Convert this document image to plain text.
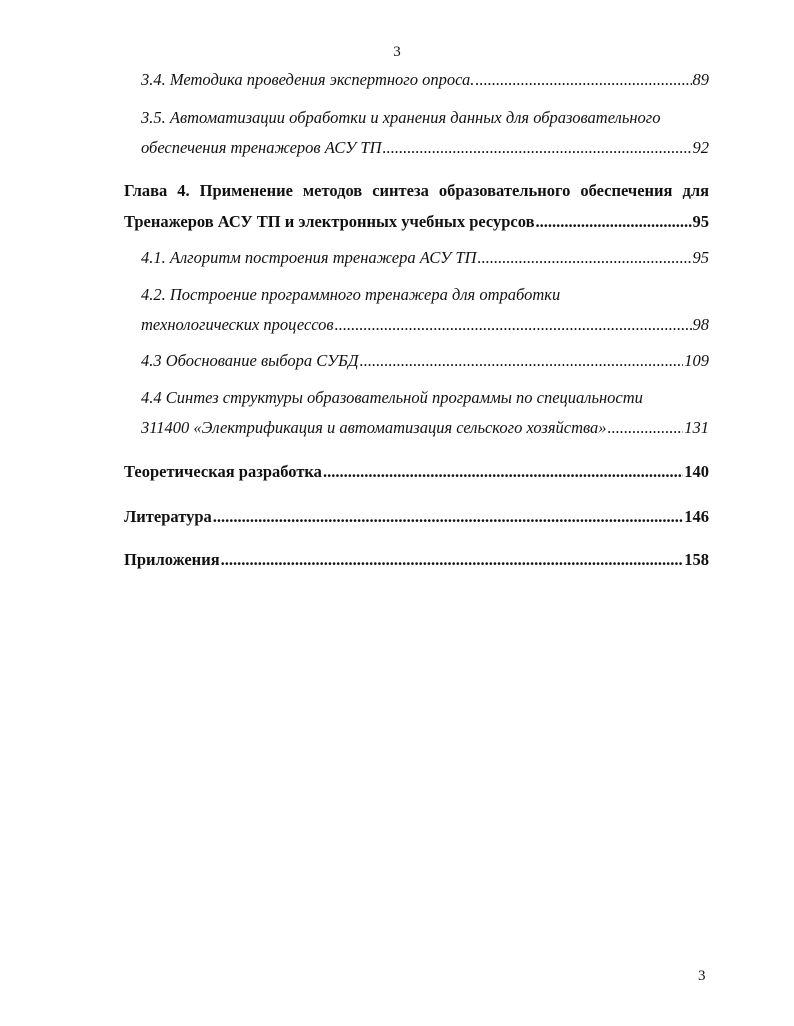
3
3.4. Методика проведения экспертного опроса. .....	89
3.5. Автоматизации обработки и хранения данных для образовательного
обеспечения тренажеров АСУ ТП .....	92
Глава 4. Применение методов синтеза образовательного обеспечения для
Тренажеров АСУ ТП и электронных учебных ресурсов .....	95
4.1. Алгоритм построения тренажера АСУ ТП .....	95
4.2. Построение программного тренажера для отработки
технологических процессов .....	98
4.3 Обоснование выбора СУБД .....	109
4.4 Синтез структуры образовательной программы по специальности
311400 «Электрификация и автоматизация сельского хозяйства» .....	131
Теоретическая разработка .....	140
Литература .....	146
Приложения .....	158
3
